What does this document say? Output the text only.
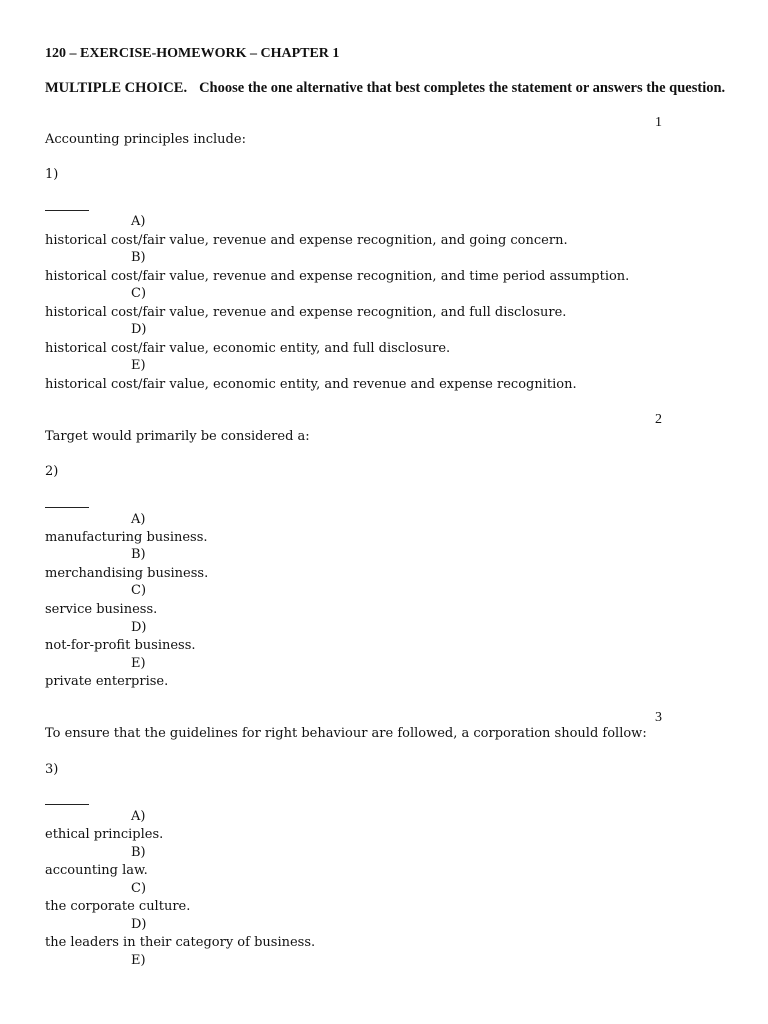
120 – EXERCISE-HOMEWORK – CHAPTER 1
MULTIPLE CHOICE. Choose the one alternative that best completes the statement or answers the question.
1
Accounting principles include:
1)
A)
historical cost/fair value, revenue and expense recognition, and going concern.
B)
historical cost/fair value, revenue and expense recognition, and time period assumption.
C)
historical cost/fair value, revenue and expense recognition, and full disclosure.
D)
historical cost/fair value, economic entity, and full disclosure.
E)
historical cost/fair value, economic entity, and revenue and expense recognition.
2
Target would primarily be considered a:
2)
A)
manufacturing business.
B)
merchandising business.
C)
service business.
D)
not-for-profit business.
E)
private enterprise.
3
To ensure that the guidelines for right behaviour are followed, a corporation should follow:
3)
A)
ethical principles.
B)
accounting law.
C)
the corporate culture.
D)
the leaders in their category of business.
E)
